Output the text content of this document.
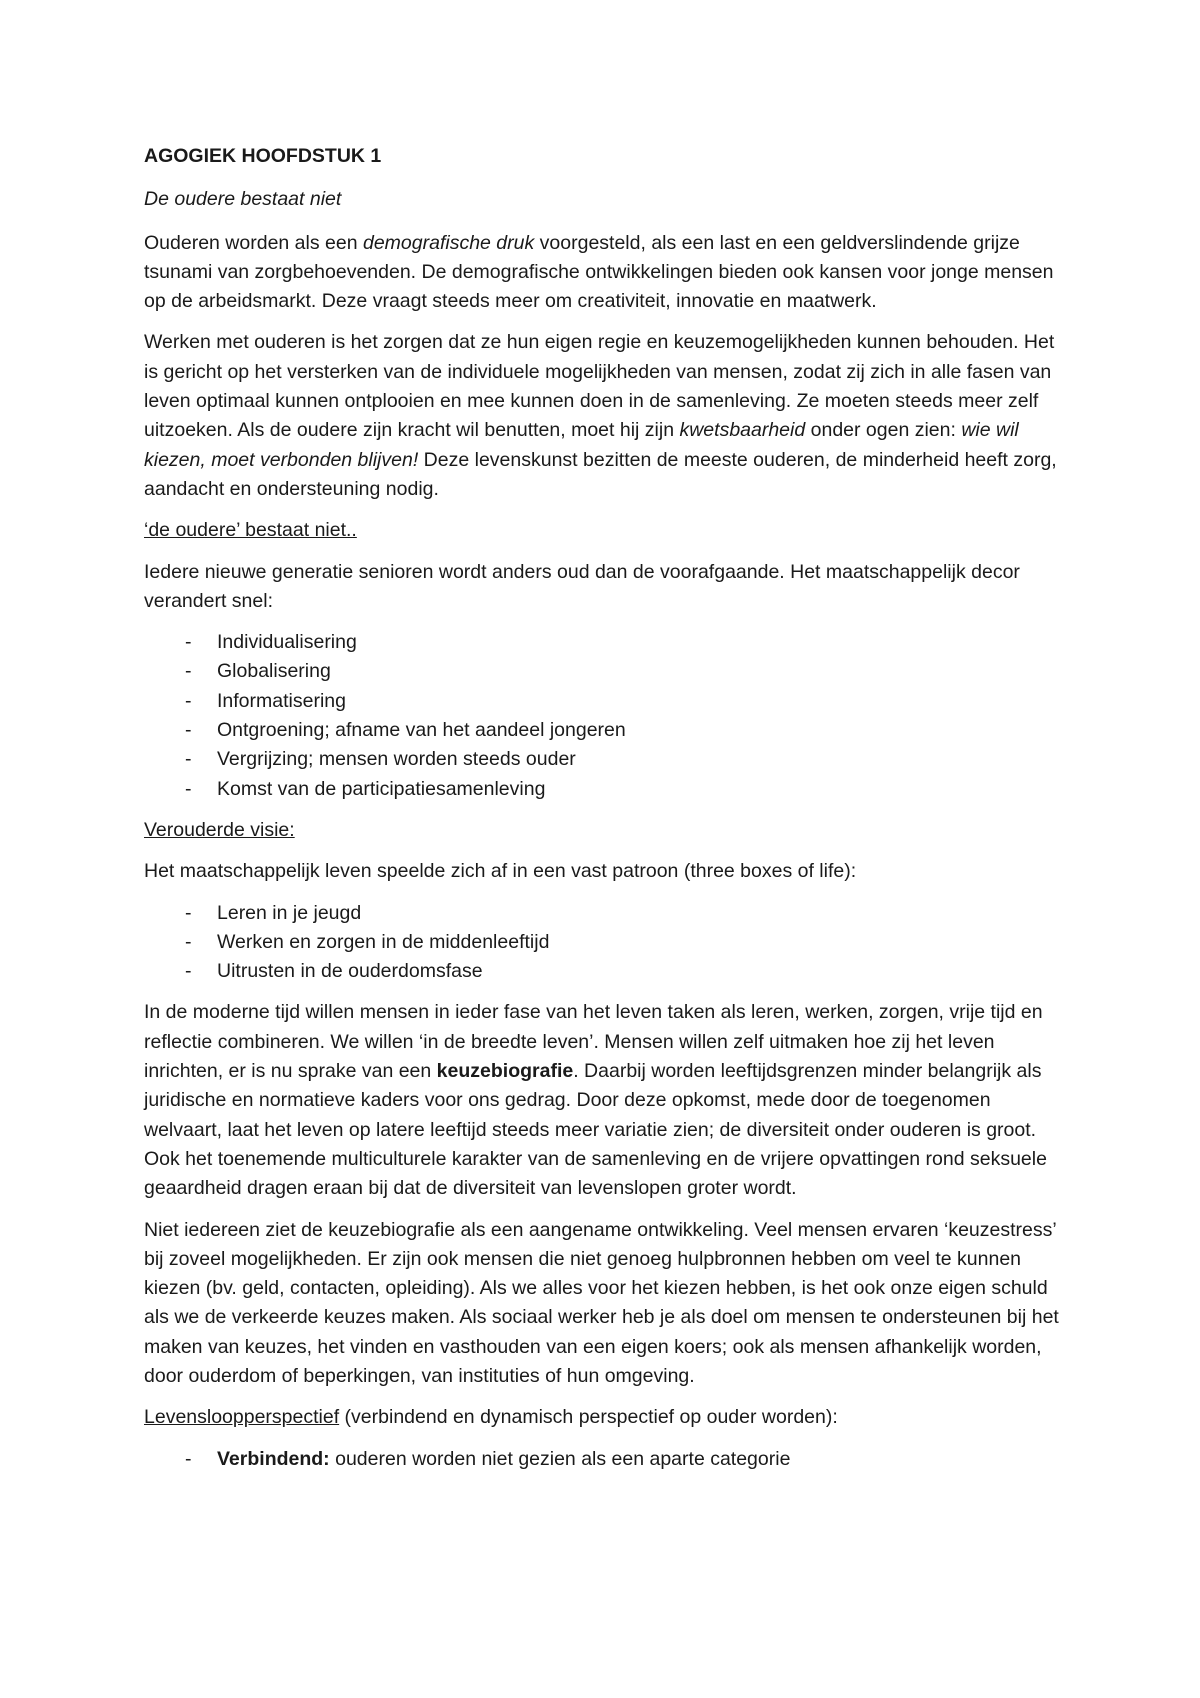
AGOGIEK HOOFDSTUK 1

De oudere bestaat niet

Ouderen worden als een demografische druk voorgesteld, als een last en een geldverslindende grijze tsunami van zorgbehoevenden. De demografische ontwikkelingen bieden ook kansen voor jonge mensen op de arbeidsmarkt. Deze vraagt steeds meer om creativiteit, innovatie en maatwerk.

Werken met ouderen is het zorgen dat ze hun eigen regie en keuzemogelijkheden kunnen behouden. Het is gericht op het versterken van de individuele mogelijkheden van mensen, zodat zij zich in alle fasen van leven optimaal kunnen ontplooien en mee kunnen doen in de samenleving. Ze moeten steeds meer zelf uitzoeken. Als de oudere zijn kracht wil benutten, moet hij zijn kwetsbaarheid onder ogen zien: wie wil kiezen, moet verbonden blijven! Deze levenskunst bezitten de meeste ouderen, de minderheid heeft zorg, aandacht en ondersteuning nodig.

‘de oudere’ bestaat niet..

Iedere nieuwe generatie senioren wordt anders oud dan de voorafgaande. Het maatschappelijk decor verandert snel:

- Individualisering
- Globalisering
- Informatisering
- Ontgroening; afname van het aandeel jongeren
- Vergrijzing; mensen worden steeds ouder
- Komst van de participatiesamenleving

Verouderde visie:

Het maatschappelijk leven speelde zich af in een vast patroon (three boxes of life):

- Leren in je jeugd
- Werken en zorgen in de middenleeftijd
- Uitrusten in de ouderdomsfase

In de moderne tijd willen mensen in ieder fase van het leven taken als leren, werken, zorgen, vrije tijd en reflectie combineren. We willen ‘in de breedte leven’. Mensen willen zelf uitmaken hoe zij het leven inrichten, er is nu sprake van een keuzebiografie. Daarbij worden leeftijdsgrenzen minder belangrijk als juridische en normatieve kaders voor ons gedrag. Door deze opkomst, mede door de toegenomen welvaart, laat het leven op latere leeftijd steeds meer variatie zien; de diversiteit onder ouderen is groot. Ook het toenemende multiculturele karakter van de samenleving en de vrijere opvattingen rond seksuele geaardheid dragen eraan bij dat de diversiteit van levenslopen groter wordt.

Niet iedereen ziet de keuzebiografie als een aangename ontwikkeling. Veel mensen ervaren ‘keuzestress’ bij zoveel mogelijkheden. Er zijn ook mensen die niet genoeg hulpbronnen hebben om veel te kunnen kiezen (bv. geld, contacten, opleiding). Als we alles voor het kiezen hebben, is het ook onze eigen schuld als we de verkeerde keuzes maken. Als sociaal werker heb je als doel om mensen te ondersteunen bij het maken van keuzes, het vinden en vasthouden van een eigen koers; ook als mensen afhankelijk worden, door ouderdom of beperkingen, van instituties of hun omgeving.

Levensloopperspectief (verbindend en dynamisch perspectief op ouder worden):

- Verbindend: ouderen worden niet gezien als een aparte categorie
